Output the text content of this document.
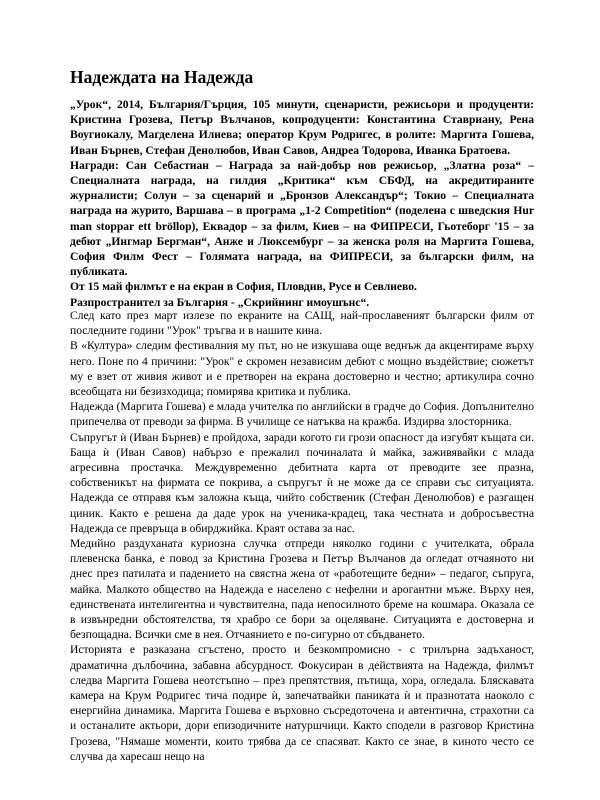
Надеждата на Надежда

„Урок“, 2014, България/Гърция, 105 минути, сценаристи, режисьори и продуценти: Кристина Грозева, Петър Вълчанов, копродуценти: Константина Ставриану, Рена Воугиокалу, Магделена Илиева; оператор Крум Родригес, в ролите: Маргита Гошева, Иван Бърнев, Стефан Денолюбов, Иван Савов, Андреа Тодорова, Иванка Братоева.

Награди: Сан Себастиан – Награда за най-добър нов режисьор, „Златна роза“ – Специалната награда, на гилдия „Критика“ към СБФД, на акредитираните журналисти; Солун – за сценарий и „Бронзов Александър“; Токио – Специалната награда на журито, Варшава – в програма „1-2 Competition“ (поделена с шведския Hur man stoppar ett bröllop), Еквадор – за филм, Киев – на ФИПРЕСИ, Гьотеборг '15 – за дебют „Ингмар Бергман“, Анже и Люксембург – за женска роля на Маргита Гошева, София Филм Фест – Голямата награда, на ФИПРЕСИ, за български филм, на публиката.

От 15 май филмът е на екран в София, Пловдив, Русе и Севлиево.

Разпространител за България - „Скрийнинг имоушънс“.

След като през март излезе по екраните на САЩ, най-прославеният български филм от последните години "Урок" тръгва и в нашите кина.

В «Култура» следим фестивалния му път, но не изкушава още веднъж да акцентираме върху него. Поне по 4 причини: "Урок" е скромен независим дебют с мощно въздействие; сюжетът му е взет от живия живот и е претворен на екрана достоверно и честно; артикулира сочно всеобщата ни безизходица; помирява критика и публика.

Надежда (Маргита Гошева) е млада учителка по английски в градче до София. Допълнително припечелва от преводи за фирма. В училище се натъква на кражба. Издирва злосторника.

Съпругът ѝ (Иван Бърнев) е пройдоха, заради когото ги грози опасност да изгубят къщата си. Баща ѝ (Иван Савов) набързо е прежалил починалата ѝ майка, заживявайки с млада агресивна простачка. Междувременно дебитната карта от преводите зее празна, собственикът на фирмата се покрива, а съпругът ѝ не може да се справи със ситуацията. Надежда се отправя към заложна къща, чийто собственик (Стефан Денолюбов) е разгащен циник. Както е решена да даде урок на ученика-крадец, така честната и добросъвестна Надежда се превръща в обирджийка. Краят остава за нас.

Медийно раздуханата куриозна случка отпреди няколко години с учителката, обрала плевенска банка, е повод за Кристина Грозева и Петър Вълчанов да огледат отчаяното ни днес през патилата и падението на свястна жена от «работещите бедни» – педагог, съпруга, майка. Малкото общество на Надежда е населено с нефелни и арогантни мъже. Върху нея, единствената интелигентна и чувствителна, пада непосилното бреме на кошмара. Оказала се в извънредни обстоятелства, тя храбро се бори за оцеляване. Ситуацията е достоверна и безпощадна. Всички сме в нея. Отчаянието е по-сигурно от сбъдването.

Историята е разказана сгъстено, просто и безкомпромисно - с трилърна задъханост, драматична дълбочина, забавна абсурдност. Фокусиран в действията на Надежда, филмът следва Маргита Гошева неотстъпно – през препятствия, пътища, хора, огледала. Бляскавата камера на Крум Родригес тича подире ѝ, запечатвайки паниката ѝ и празнотата наоколо с енергийна динамика. Маргита Гошева е върховно съсредоточена и автентична, страхотни са и останалите актьори, дори епизодичните натуршчици. Както сподели в разговор Кристина Грозева, "Нямаше моменти, които трябва да се спасяват. Както се знае, в киното често се случва да харесаш нещо на
